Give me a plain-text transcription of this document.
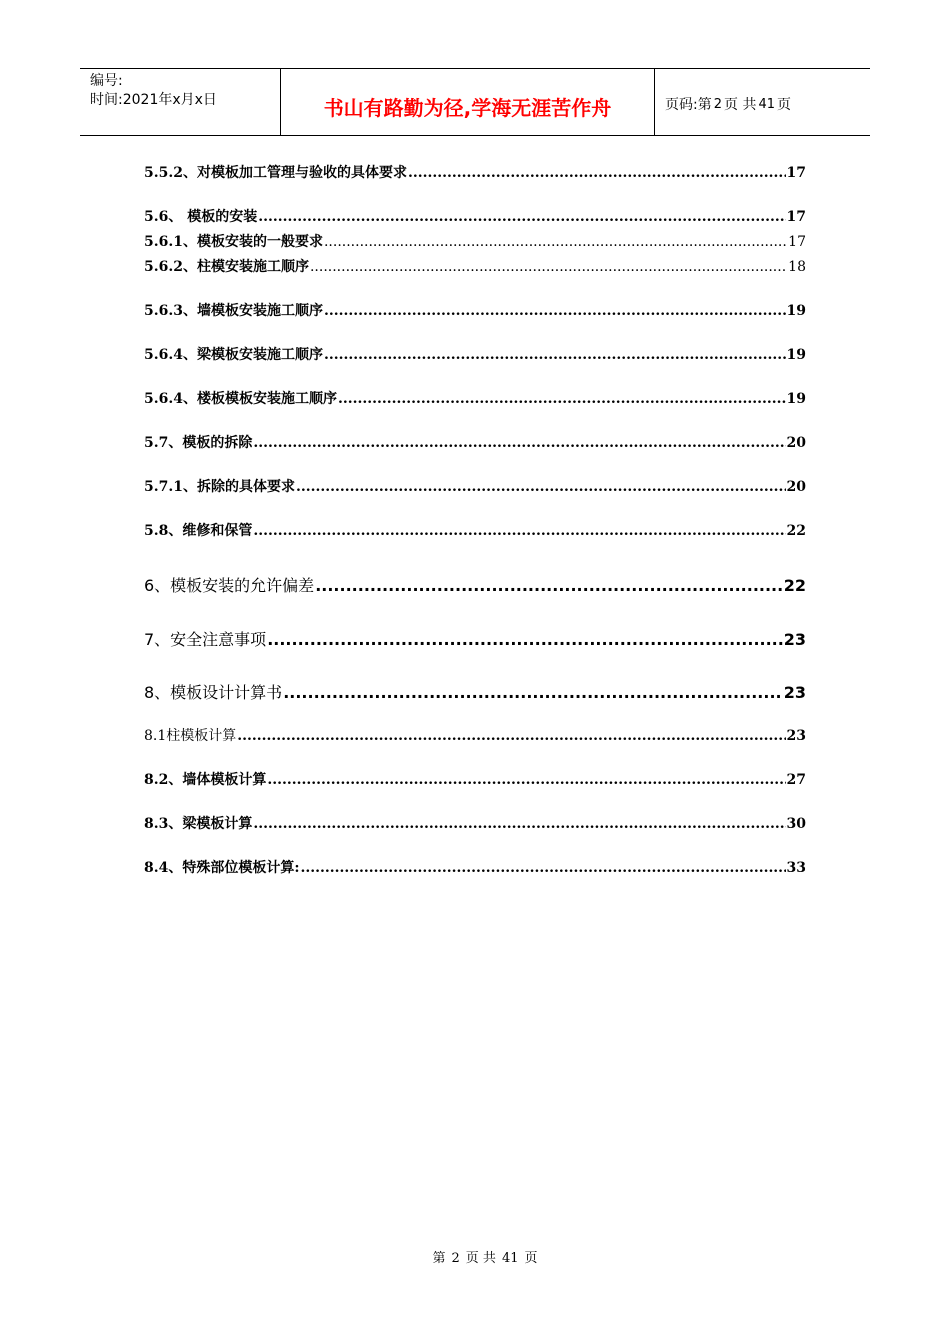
编号:
时间:2021年x月x日	书山有路勤为径,学海无涯苦作舟	页码:第 2 页 共 41 页
5.5.2、对模板加工管理与验收的具体要求 .....	17
5.6、 模板的安装 .....	17
5.6.1、模板安装的一般要求 .....	17
5.6.2、柱模安装施工顺序 .....	18
5.6.3、墙模板安装施工顺序 .....	19
5.6.4、梁模板安装施工顺序 .....	19
5.6.4、楼板模板安装施工顺序 .....	19
5.7、模板的拆除 .....	20
5.7.1、拆除的具体要求 .....	20
5.8、维修和保管 .....	22
6、模板安装的允许偏差 .....	22
7、安全注意事项 .....	23
8、模板设计计算书 .....	23
8.1柱模板计算 .....	23
8.2、墙体模板计算 .....	27
8.3、梁模板计算 .....	30
8.4、特殊部位模板计算: .....	33
第 2 页 共 41 页
